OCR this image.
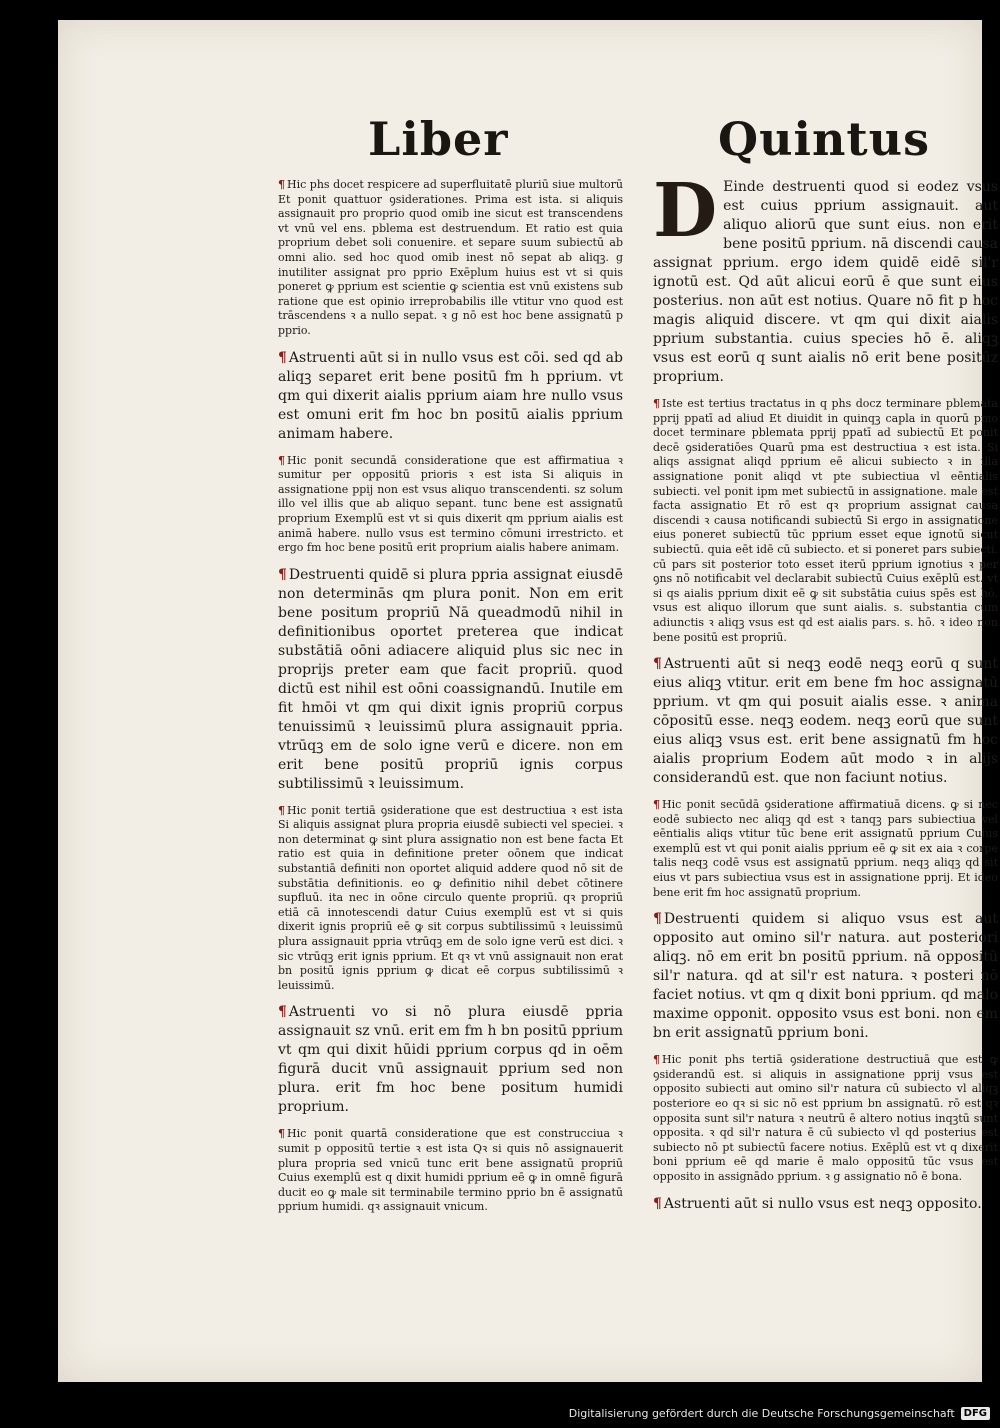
Liber	Quintus

¶ Hic phs docet respicere ad superfluitatē pluriū siue multorū Et ponit quattuor ꝯsiderationes. Prima est ista. si aliquis assignauit pro proprio quod omib ine sicut est transcendens vt vnū vel ens. pblema est destruendum. Et ratio est quia proprium debet soli conuenire. et separe suum subiectū ab omni alio. sed hoc quod omib inest nō sepat ab aliqꝫ. g inutiliter assignat pro pprio Exēplum huius est vt si quis poneret ꝙ pprium est scientie ꝙ scientia est vnū existens sub ratione que est opinio irreprobabilis ille vtitur vno quod est trāscendens ꝛ a nullo sepat. ꝛ g nō est hoc bene assignatū p pprio.

¶ Astruenti aūt si in nullo vsus est cōi. sed qd ab aliqꝫ separet erit bene positū fm h pprium. vt qm qui dixerit aialis pprium aiam hre nullo vsus est omuni erit fm hoc bn positū aialis pprium animam habere.

¶ Hic ponit secundā consideratione que est affirmatiua ꝛ sumitur per oppositū prioris ꝛ est ista Si aliquis in assignatione ppij non est vsus aliquo transcendenti. sz solum illo vel illis que ab aliquo sepant. tunc bene est assignatū proprium Exemplū est vt si quis dixerit qm pprium aialis est animā habere. nullo vsus est termino cōmuni irrestricto. et ergo fm hoc bene positū erit proprium aialis habere animam.

¶ Destruenti quidē si plura ppria assignat eiusdē non determinās qm plura ponit. Non em erit bene positum propriū Nā queadmodū nihil in definitionibus oportet preterea que indicat substātiā oōni adiacere aliquid plus sic nec in proprijs preter eam que facit propriū. quod dictū est nihil est oōni coassignandū. Inutile em fit hmōi vt qm qui dixit ignis propriū corpus tenuissimū ꝛ leuissimū plura assignauit ppria. vtrūqꝫ em de solo igne verū e dicere. non em erit bene positū propriū ignis corpus subtilissimū ꝛ leuissimum.

¶ Hic ponit tertiā ꝯsideratione que est destructiua ꝛ est ista Si aliquis assignat plura propria eiusdē subiecti vel speciei. ꝛ non determinat ꝙ sint plura assignatio non est bene facta Et ratio est quia in definitione preter oōnem que indicat substantiā definiti non oportet aliquid addere quod nō sit de substātia definitionis. eo ꝙ definitio nihil debet cōtinere supfluū. ita nec in oōne circulo quente propriū. qꝛ propriū etiā cā innotescendi datur Cuius exemplū est vt si quis dixerit ignis propriū eē ꝙ sit corpus subtilissimū ꝛ leuissimū plura assignauit ppria vtrūqꝫ em de solo igne verū est dici. ꝛ sic vtrūqꝫ erit ignis pprium. Et qꝛ vt vnū assignauit non erat bn positū ignis pprium ꝙ dicat eē corpus subtilissimū ꝛ leuissimū.

¶ Astruenti vo si nō plura eiusdē ppria assignauit sz vnū. erit em fm h bn positū pprium vt qm qui dixit hūidi pprium corpus qd in oēm figurā ducit vnū assignauit pprium sed non plura. erit fm hoc bene positum humidi proprium.

¶ Hic ponit quartā consideratione que est construcciua ꝛ sumit p oppositū tertie ꝛ est ista Qꝛ si quis nō assignauerit plura propria sed vnicū tunc erit bene assignatū propriū Cuius exemplū est q dixit humidi pprium eē ꝙ in omnē figurā ducit eo ꝙ male sit terminabile termino pprio bn ē assignatū pprium humidi. qꝛ assignauit vnicum.

D Einde destruenti quod si eodez vsus est cuius pprium assignauit. aut aliquo aliorū que sunt eius. non erit bene positū pprium. nā discendi causa assignat pprium. ergo idem quidē eidē sil'r ignotū est. Qd aūt alicui eorū ē que sunt eius posterius. non aūt est notius. Quare nō fit p hoc magis aliquid discere. vt qm qui dixit aialis pprium substantia. cuius species hō ē. aliqꝫ vsus est eorū q sunt aialis nō erit bene positūz proprium.

¶ Iste est tertius tractatus in q phs docz terminare pblemata pprij ppatī ad aliud Et diuidit in quinqꝫ capla in quorū pmo docet terminare pblemata pprij ppatī ad subiectū Et ponit decē ꝯsideratiōes Quarū pma est destructiua ꝛ est ista. Si aliqs assignat aliqd pprium eē alicui subiecto ꝛ in illa assignatione ponit aliqd vt pte subiectiua vl eēntialis subiecti. vel ponit ipm met subiectū in assignatione. male est facta assignatio Et rō est qꝛ proprium assignat causa discendi ꝛ causa notificandi subiectū Si ergo in assignatione eius poneret subiectū tūc pprium esset eque ignotū sicut subiectū. quia eēt idē cū subiecto. et si poneret pars subiecti. cū pars sit posterior toto esset iterū pprium ignotius ꝛ per ꝯns nō notificabit vel declarabit subiectū Cuius exēplū est. vt si qs aialis pprium dixit eē ꝙ sit substātia cuius spēs est hō. vsus est aliquo illorum que sunt aialis. s. substantia cum adiunctis ꝛ aliqꝫ vsus est qd est aialis pars. s. hō. ꝛ ideo non bene positū est propriū.

¶ Astruenti aūt si neqꝫ eodē neqꝫ eorū q sunt eius aliqꝫ vtitur. erit em bene fm hoc assignatū pprium. vt qm qui posuit aialis esse. ꝛ anima cōpositū esse. neqꝫ eodem. neqꝫ eorū que sunt eius aliqꝫ vsus est. erit bene assignatū fm hoc aialis proprium Eodem aūt modo ꝛ in alijs considerandū est. que non faciunt notius.

¶ Hic ponit secūdā ꝯsideratione affirmatiuā dicens. ꝙ si nec eodē subiecto nec aliqꝫ qd est ꝛ tanqꝫ pars subiectiua vel eēntialis aliqs vtitur tūc bene erit assignatū pprium Cuius exemplū est vt qui ponit aialis pprium eē ꝙ sit ex aia ꝛ corpe talis neqꝫ codē vsus est assignatū pprium. neqꝫ aliqꝫ qd sit eius vt pars subiectiua vsus est in assignatione pprij. Et ideo bene erit fm hoc assignatū proprium.

¶ Destruenti quidem si aliquo vsus est aut opposito aut omino sil'r natura. aut posteriori aliqꝫ. nō em erit bn positū pprium. nā oppositū sil'r natura. qd at sil'r est natura. ꝛ posteri nō faciet notius. vt qm q dixit boni pprium. qd malo maxime opponit. opposito vsus est boni. non em bn erit assignatū pprium boni.

¶ Hic ponit phs tertiā ꝯsideratione destructiuā que est ꝙ ꝯsiderandū est. si aliquis in assignatione pprij vsus est opposito subiecti aut omino sil'r natura cū subiecto vl aliqꝫ posteriore eo qꝛ si sic nō est pprium bn assignatū. rō est qꝛ opposita sunt sil'r natura ꝛ neutrū ē altero notius inqꝫtū sunt opposita. ꝛ qd sil'r natura ē cū subiecto vl qd posterius est subiecto nō pt subiectū facere notius. Exēplū est vt q dixerit boni pprium eē qd marie ē malo oppositū tūc vsus est opposito in assignādo pprium. ꝛ g assignatio nō ē bona.

¶ Astruenti aūt si nullo vsus est neqꝫ opposito.

Digitalisierung gefördert durch die Deutsche Forschungsgemeinschaft DFG
